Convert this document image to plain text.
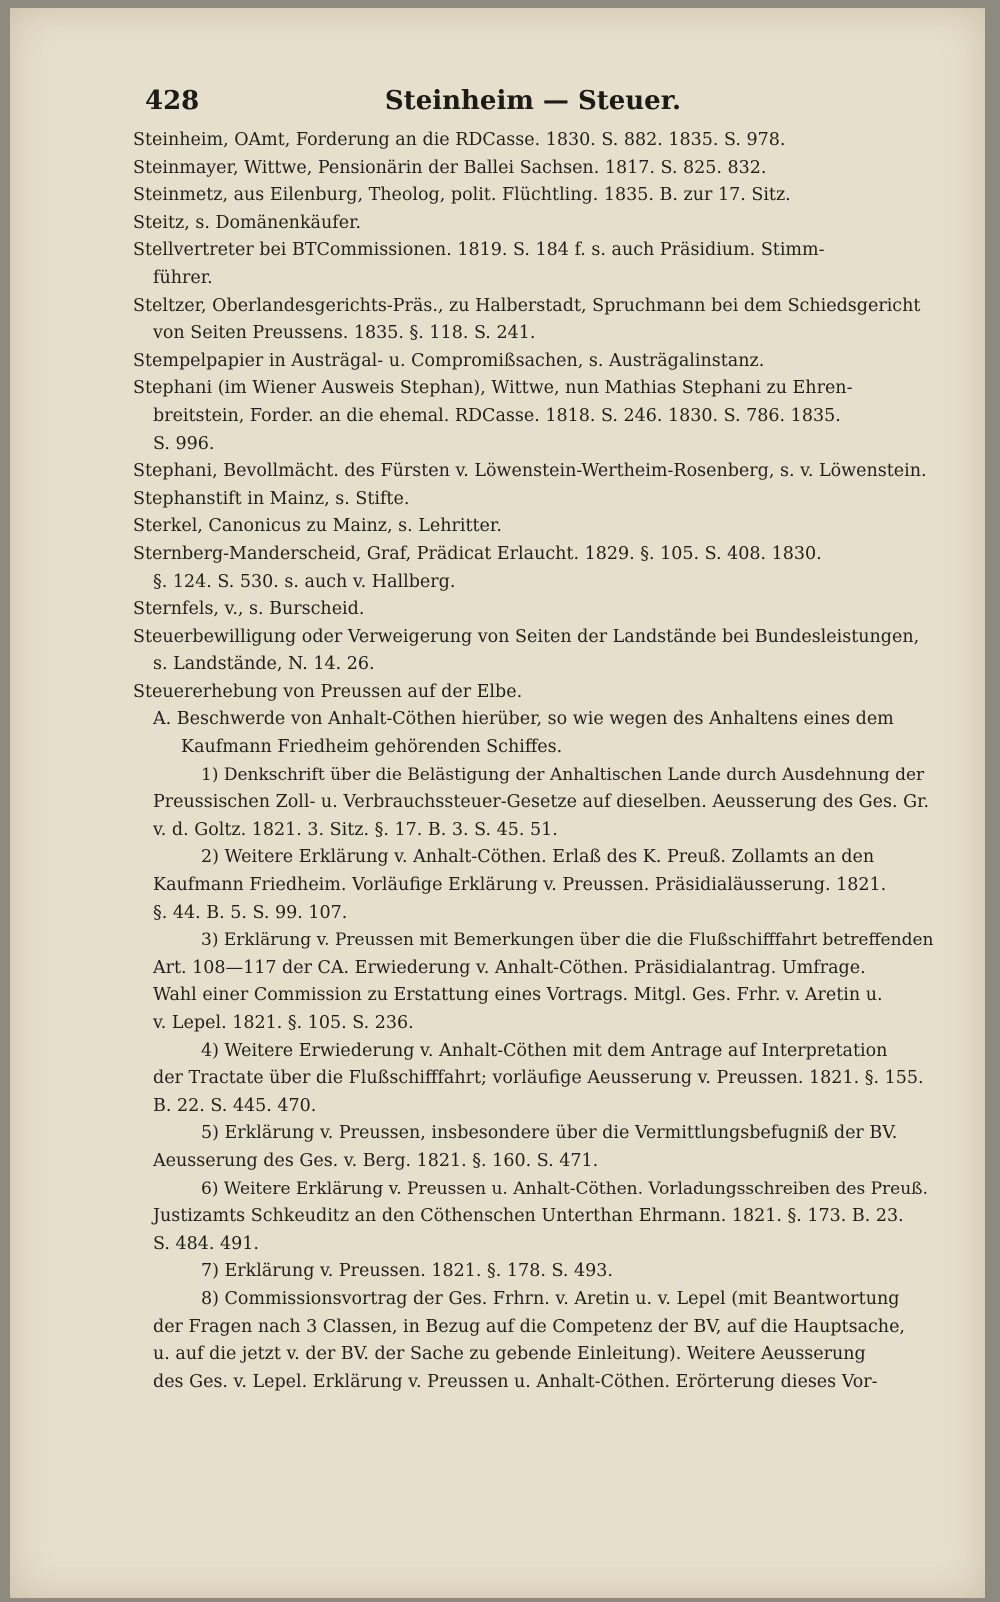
428	Steinheim — Steuer.
Steinheim, OAmt, Forderung an die RDCasse. 1830. S. 882. 1835. S. 978.
Steinmayer, Wittwe, Pensionärin der Ballei Sachsen. 1817. S. 825. 832.
Steinmetz, aus Eilenburg, Theolog, polit. Flüchtling. 1835. B. zur 17. Sitz.
Steitz, s. Domänenkäufer.
Stellvertreter bei BTCommissionen. 1819. S. 184 f. s. auch Präsidium. Stimm-
führer.
Steltzer, Oberlandesgerichts-Präs., zu Halberstadt, Spruchmann bei dem Schiedsgericht
von Seiten Preussens. 1835. §. 118. S. 241.
Stempelpapier in Austrägal- u. Compromißsachen, s. Austrägalinstanz.
Stephani (im Wiener Ausweis Stephan), Wittwe, nun Mathias Stephani zu Ehren-
breitstein, Forder. an die ehemal. RDCasse. 1818. S. 246. 1830. S. 786. 1835.
S. 996.
Stephani, Bevollmächt. des Fürsten v. Löwenstein-Wertheim-Rosenberg, s. v. Löwenstein.
Stephanstift in Mainz, s. Stifte.
Sterkel, Canonicus zu Mainz, s. Lehritter.
Sternberg-Manderscheid, Graf, Prädicat Erlaucht. 1829. §. 105. S. 408. 1830.
§. 124. S. 530. s. auch v. Hallberg.
Sternfels, v., s. Burscheid.
Steuerbewilligung oder Verweigerung von Seiten der Landstände bei Bundesleistungen,
s. Landstände, N. 14. 26.
Steuererhebung von Preussen auf der Elbe.
A. Beschwerde von Anhalt-Cöthen hierüber, so wie wegen des Anhaltens eines dem
Kaufmann Friedheim gehörenden Schiffes.
1) Denkschrift über die Belästigung der Anhaltischen Lande durch Ausdehnung der
Preussischen Zoll- u. Verbrauchssteuer-Gesetze auf dieselben. Aeusserung des Ges. Gr.
v. d. Goltz. 1821. 3. Sitz. §. 17. B. 3. S. 45. 51.
2) Weitere Erklärung v. Anhalt-Cöthen. Erlaß des K. Preuß. Zollamts an den
Kaufmann Friedheim. Vorläufige Erklärung v. Preussen. Präsidialäusserung. 1821.
§. 44. B. 5. S. 99. 107.
3) Erklärung v. Preussen mit Bemerkungen über die die Flußschifffahrt betreffenden
Art. 108—117 der CA. Erwiederung v. Anhalt-Cöthen. Präsidialantrag. Umfrage.
Wahl einer Commission zu Erstattung eines Vortrags. Mitgl. Ges. Frhr. v. Aretin u.
v. Lepel. 1821. §. 105. S. 236.
4) Weitere Erwiederung v. Anhalt-Cöthen mit dem Antrage auf Interpretation
der Tractate über die Flußschifffahrt; vorläufige Aeusserung v. Preussen. 1821. §. 155.
B. 22. S. 445. 470.
5) Erklärung v. Preussen, insbesondere über die Vermittlungsbefugniß der BV.
Aeusserung des Ges. v. Berg. 1821. §. 160. S. 471.
6) Weitere Erklärung v. Preussen u. Anhalt-Cöthen. Vorladungsschreiben des Preuß.
Justizamts Schkeuditz an den Cöthenschen Unterthan Ehrmann. 1821. §. 173. B. 23.
S. 484. 491.
7) Erklärung v. Preussen. 1821. §. 178. S. 493.
8) Commissionsvortrag der Ges. Frhrn. v. Aretin u. v. Lepel (mit Beantwortung
der Fragen nach 3 Classen, in Bezug auf die Competenz der BV, auf die Hauptsache,
u. auf die jetzt v. der BV. der Sache zu gebende Einleitung). Weitere Aeusserung
des Ges. v. Lepel. Erklärung v. Preussen u. Anhalt-Cöthen. Erörterung dieses Vor-
